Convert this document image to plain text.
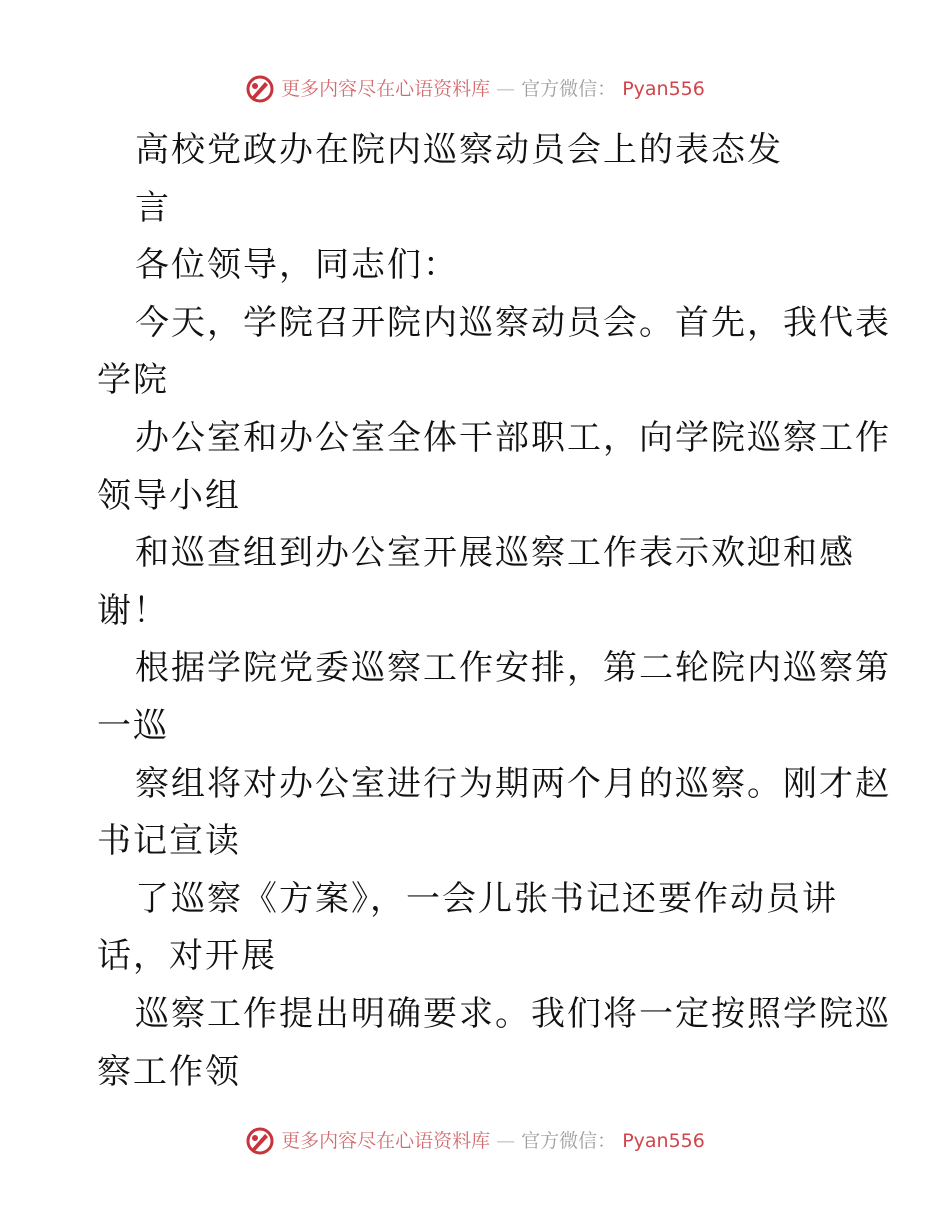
更多内容尽在心语资料库 — 官方微信： Pyan556
高校党政办在院内巡察动员会上的表态发
言
各位领导，同志们：
今天，学院召开院内巡察动员会。首先，我代表
学院
办公室和办公室全体干部职工，向学院巡察工作
领导小组
和巡查组到办公室开展巡察工作表示欢迎和感
谢！
根据学院党委巡察工作安排，第二轮院内巡察第
一巡
察组将对办公室进行为期两个月的巡察。刚才赵
书记宣读
了巡察《方案》，一会儿张书记还要作动员讲
话，对开展
巡察工作提出明确要求。我们将一定按照学院巡
察工作领
更多内容尽在心语资料库 — 官方微信： Pyan556
